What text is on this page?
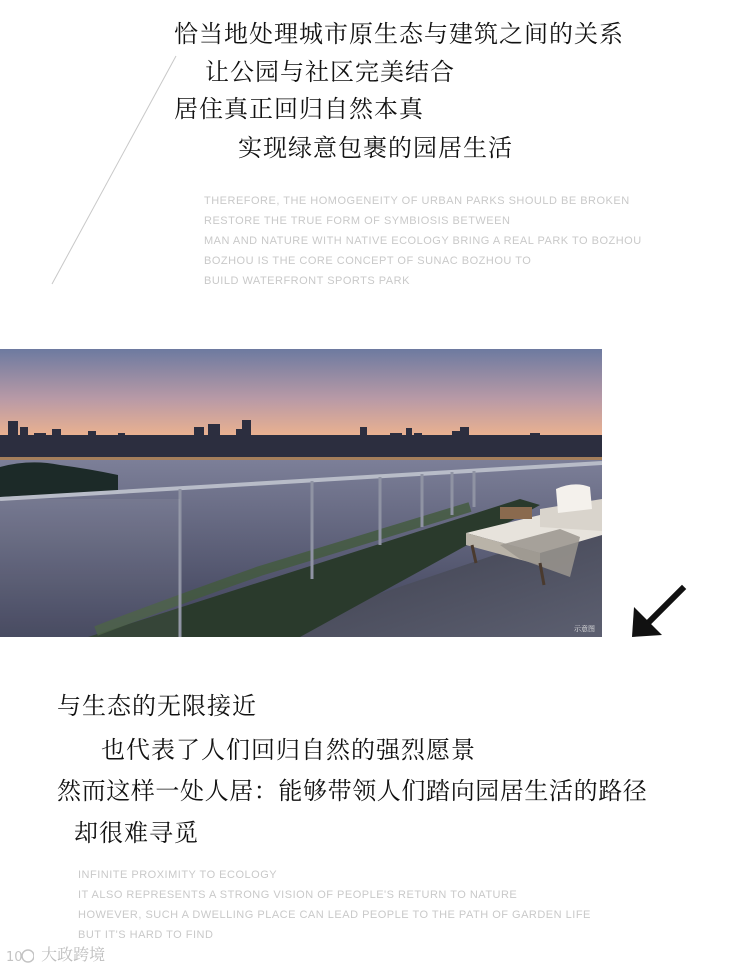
恰当地处理城市原生态与建筑之间的关系
让公园与社区完美结合
居住真正回归自然本真
实现绿意包裹的园居生活
THEREFORE, THE HOMOGENEITY OF URBAN PARKS SHOULD BE BROKEN
RESTORE THE TRUE FORM OF SYMBIOSIS BETWEEN
MAN AND NATURE WITH NATIVE ECOLOGY BRING A REAL PARK TO BOZHOU
BOZHOU IS THE CORE CONCEPT OF SUNAC BOZHOU TO
BUILD WATERFRONT SPORTS PARK
示意图
与生态的无限接近
也代表了人们回归自然的强烈愿景
然而这样一处人居：能够带领人们踏向园居生活的路径
却很难寻觅
INFINITE PROXIMITY TO ECOLOGY
IT ALSO REPRESENTS A STRONG VISION OF PEOPLE'S RETURN TO NATURE
HOWEVER, SUCH A DWELLING PLACE CAN LEAD PEOPLE TO THE PATH OF GARDEN LIFE
BUT IT'S HARD TO FIND
10 大政跨境
